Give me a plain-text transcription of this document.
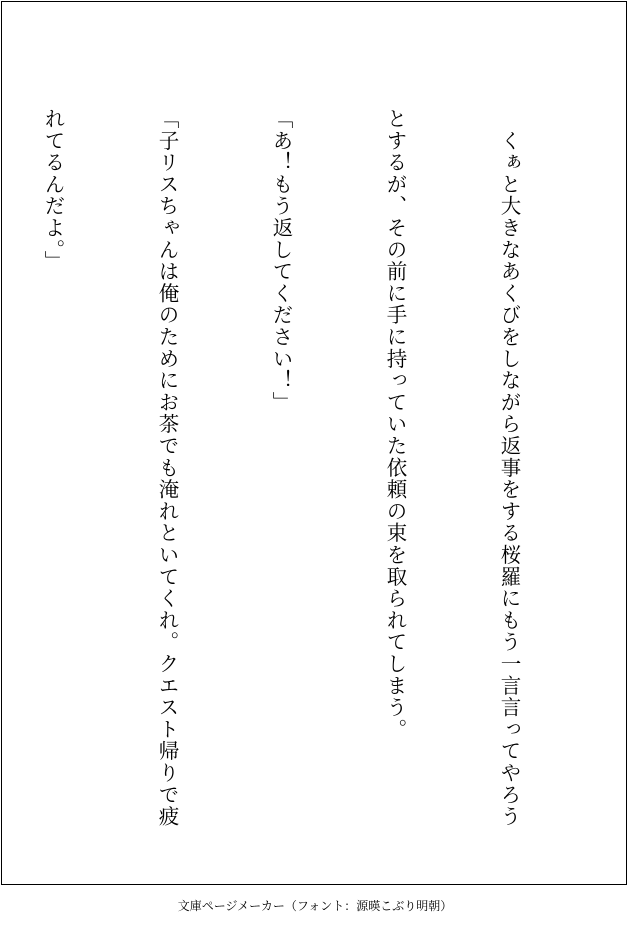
　くぁと大きなあくびをしながら返事をする桜羅にもう一言言ってやろう

とするが、その前に手に持っていた依頼の束を取られてしまう。

「あ！もう返してください！」

「子リスちゃんは俺のためにお茶でも淹れといてくれ。クエスト帰りで疲

れてるんだよ。」

文庫ページメーカー（フォント：源暎こぶり明朝）
